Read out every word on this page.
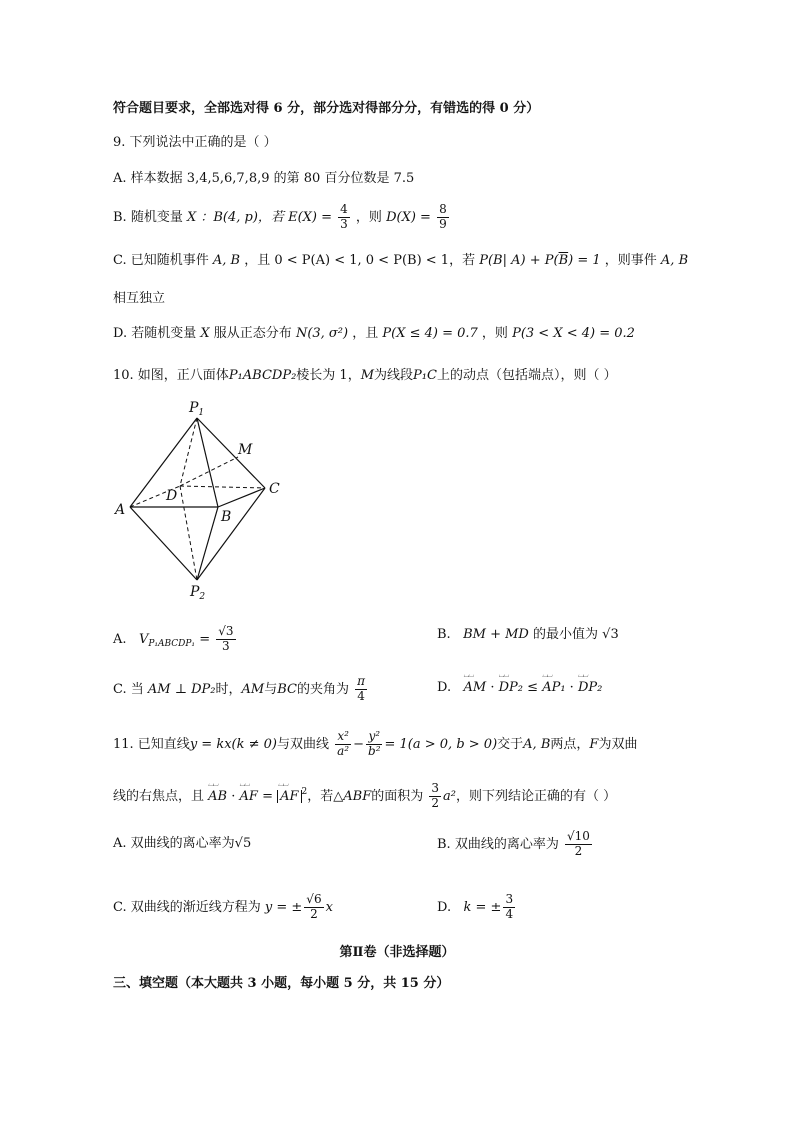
符合题目要求，全部选对得 6 分，部分选对得部分分，有错选的得 0 分）
9. 下列说法中正确的是（ ）
A. 样本数据 3,4,5,6,7,8,9 的第 80 百分位数是 7.5
B. 随机变量 X ：B(4, p)，若 $E(X) = \frac{4}{3}$ ，则 $D(X) = \frac{8}{9}$
C. 已知随机事件 A, B ，且 0 < P(A) < 1, 0 < P(B) < 1，若 P(B| $A) + P(\overline{B}) = 1$ ，则事件 A, B
相互独立
D. 若随机变量 X 服从正态分布 N(3, σ²) ，且 P(X ≤ 4) = 0.7 ，则 P(3 < X < 4) = 0.2
10. 如图，正八面体P₁ABCDP₂棱长为 1，M为线段P₁C上的动点（包括端点），则（ ）
$P_1$
$P_2$
A	B
C
D
M
A. $V_{P_1ABCDP_1} = \frac{√3}{3}$	B. BM + MD 的最小值为 √3
C. 当 AM ⊥ DP₂时，AM与BC的夹角为 $\frac{\pi}{4}$	D. ⌴⌴ AM · ⌴⌴ DP₂ ≤ ⌴⌴ AP₁ · ⌴⌴ DP₂
11. 已知直线y = kx(k ≠ 0)与双曲线 $\frac{\text{x²}}{\text{a²}} - \frac{\text{y²}}{\text{b²}} = 1(a > 0$, b > 0)交于A, B两点，F为双曲
线的右焦点，且 ⌴⌴ AB · ⌴⌴ AF = ⌴⌴ AF $^2$，若△ABF的面积为 $\frac{3}{2} a^2$，则下列结论正确的有（ ）
A. 双曲线的离心率为√5	B. 双曲线的离心率为 $\frac{√10}{2}$
C. 双曲线的渐近线方程为 y = ± $\frac{√6}{2}$ x	D. k = ± $\frac{3}{4}$
第Ⅱ卷（非选择题）
三、填空题（本大题共 3 小题，每小题 5 分，共 15 分）
